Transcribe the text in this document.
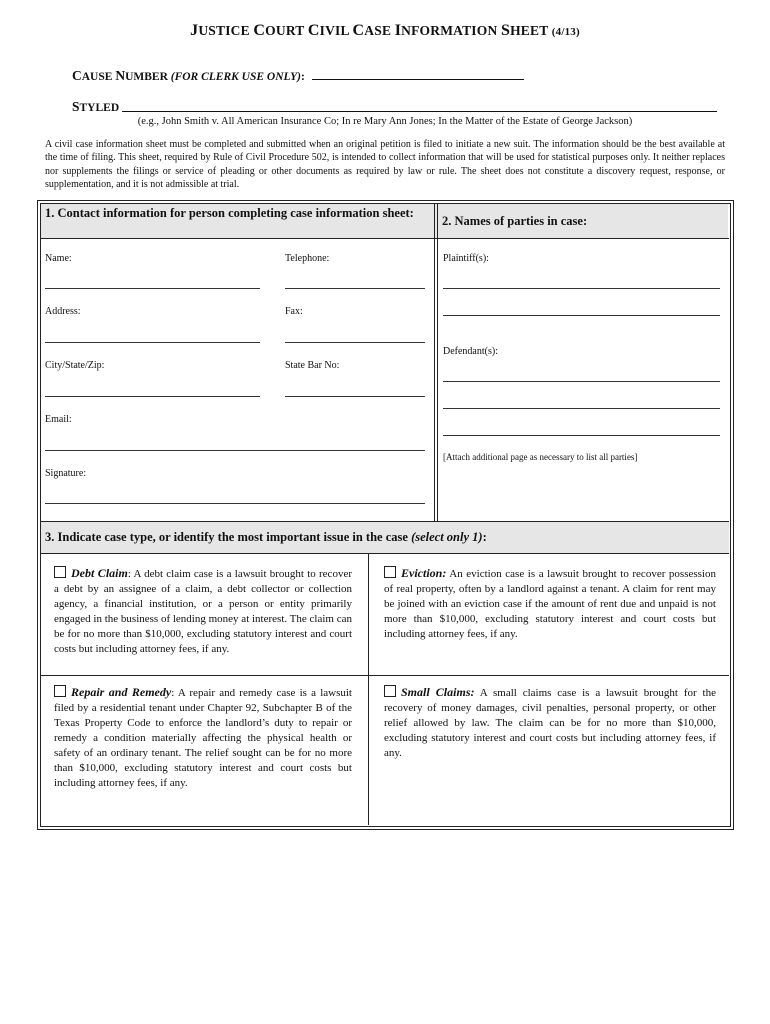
JUSTICE COURT CIVIL CASE INFORMATION SHEET (4/13)
CAUSE NUMBER (FOR CLERK USE ONLY):
STYLED
(e.g., John Smith v. All American Insurance Co; In re Mary Ann Jones; In the Matter of the Estate of George Jackson)
A civil case information sheet must be completed and submitted when an original petition is filed to initiate a new suit. The information should be the best available at the time of filing. This sheet, required by Rule of Civil Procedure 502, is intended to collect information that will be used for statistical purposes only. It neither replaces nor supplements the filings or service of pleading or other documents as required by law or rule. The sheet does not constitute a discovery request, response, or supplementation, and it is not admissible at trial.
1. Contact information for person completing case information sheet:
2. Names of parties in case:
Name:	Telephone:
Address:	Fax:
City/State/Zip:	State Bar No:
Email:
Signature:
Plaintiff(s):
Defendant(s):
[Attach additional page as necessary to list all parties]
3. Indicate case type, or identify the most important issue in the case (select only 1):
Debt Claim: A debt claim case is a lawsuit brought to recover a debt by an assignee of a claim, a debt collector or collection agency, a financial institution, or a person or entity primarily engaged in the business of lending money at interest. The claim can be for no more than $10,000, excluding statutory interest and court costs but including attorney fees, if any.
Eviction: An eviction case is a lawsuit brought to recover possession of real property, often by a landlord against a tenant. A claim for rent may be joined with an eviction case if the amount of rent due and unpaid is not more than $10,000, excluding statutory interest and court costs but including attorney fees, if any.
Repair and Remedy: A repair and remedy case is a lawsuit filed by a residential tenant under Chapter 92, Subchapter B of the Texas Property Code to enforce the landlord’s duty to repair or remedy a condition materially affecting the physical health or safety of an ordinary tenant. The relief sought can be for no more than $10,000, excluding statutory interest and court costs but including attorney fees, if any.
Small Claims: A small claims case is a lawsuit brought for the recovery of money damages, civil penalties, personal property, or other relief allowed by law. The claim can be for no more than $10,000, excluding statutory interest and court costs but including attorney fees, if any.
